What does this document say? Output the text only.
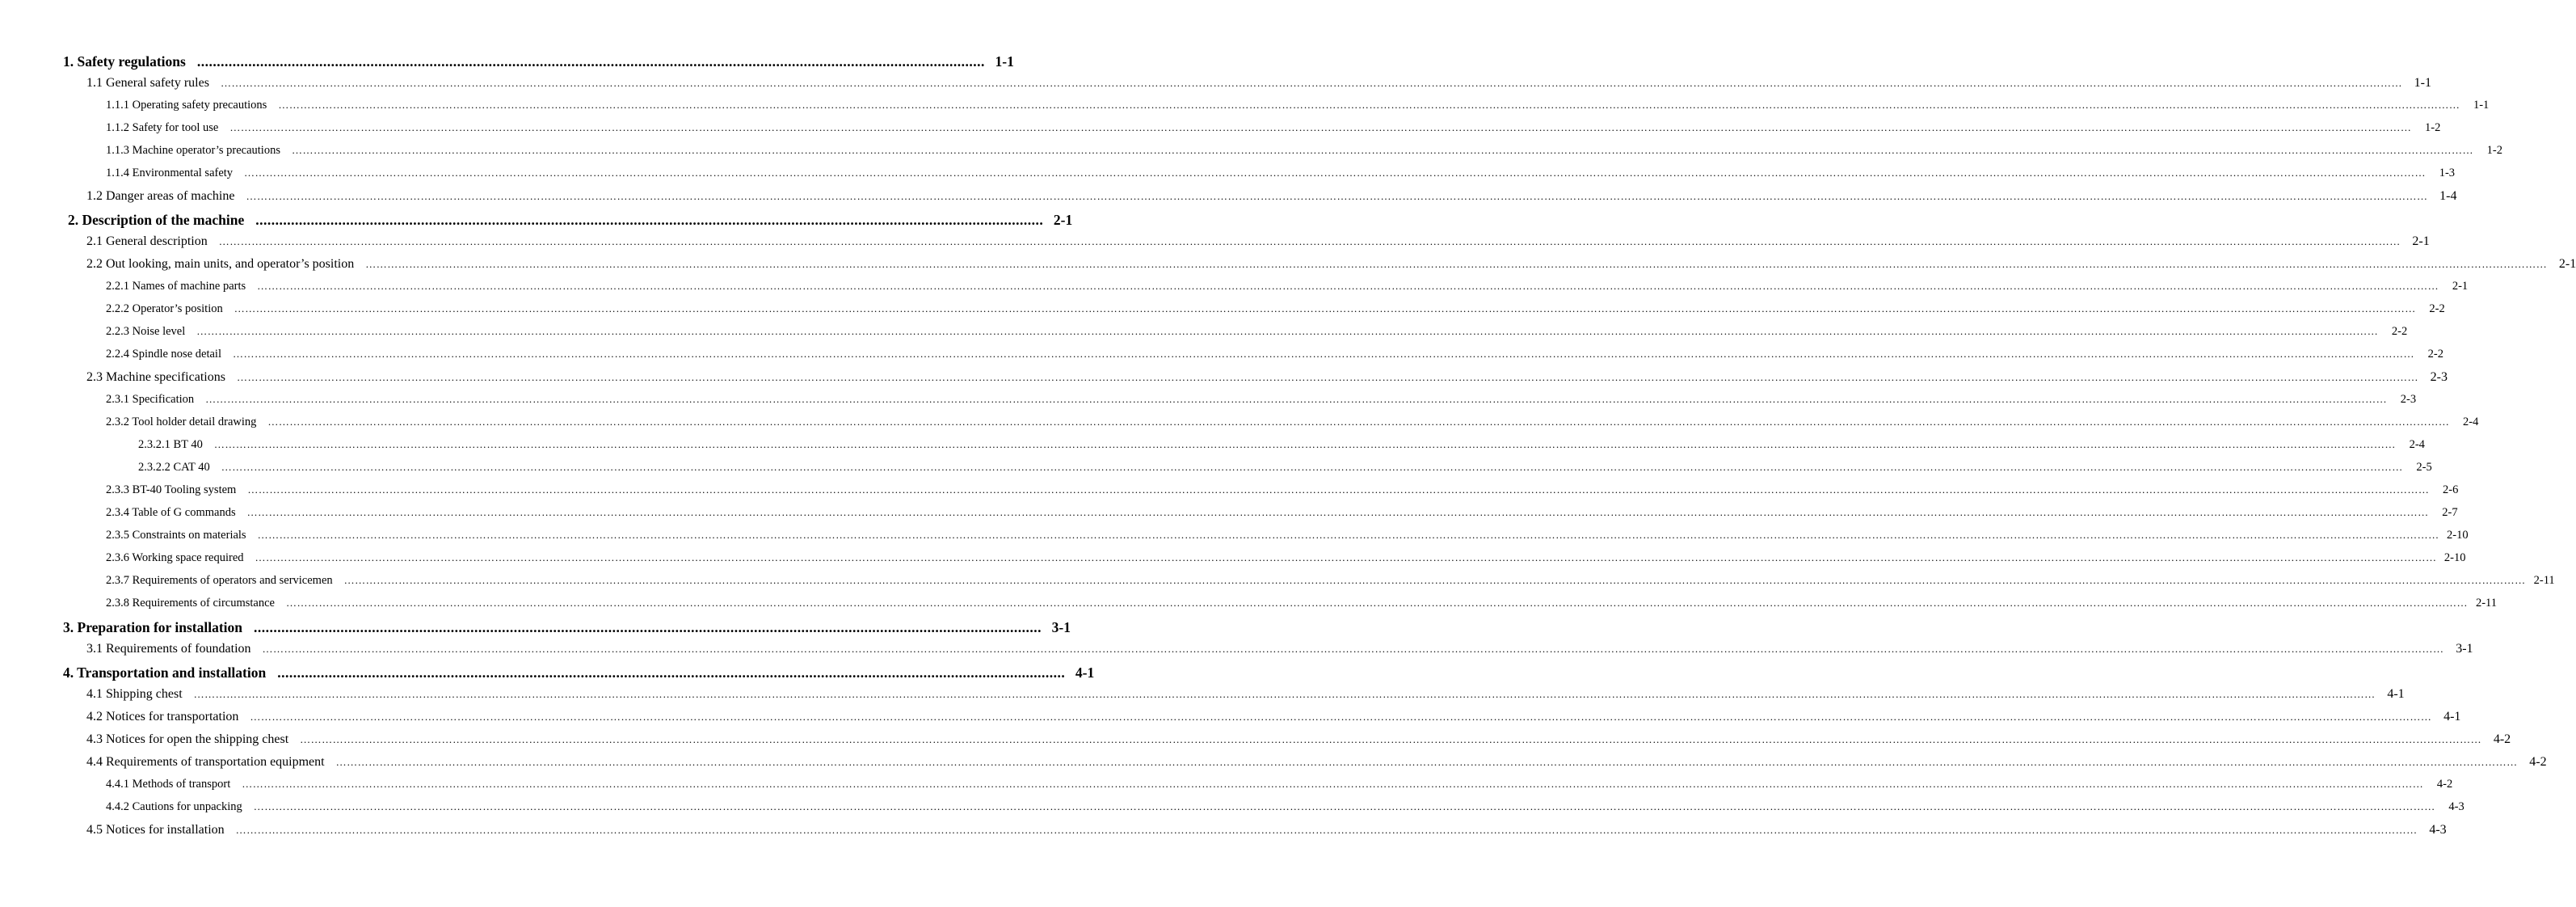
1. Safety regulations ........................................................................................................................................................................................................ 1-1
1.1 General safety rules …………………………………………………………………………………………………………………………………………………………………………………………………………………………………………………………………………………………………………………………………………………………………………………………………………………………………………………………………………………………………………………………………………………… 1-1
1.1.1 Operating safety precautions ……………………………………………………………………………………………………………………………………………………………………………………………………………………………………………………………………………………………………………………………………………………………………………………………………………………………………………………………………………………………………………………………………………………	1-1
1.1.2 Safety for tool use ……………………………………………………………………………………………………………………………………………………………………………………………………………………………………………………………………………………………………………………………………………………………………………………………………………………………………………………………………………………………………………………………………………………	1-2
1.1.3 Machine operator’s precautions ……………………………………………………………………………………………………………………………………………………………………………………………………………………………………………………………………………………………………………………………………………………………………………………………………………………………………………………………………………………………………………………………………………………	1-2
1.1.4 Environmental safety ……………………………………………………………………………………………………………………………………………………………………………………………………………………………………………………………………………………………………………………………………………………………………………………………………………………………………………………………………………………………………………………………………………………	1-3
1.2 Danger areas of machine …………………………………………………………………………………………………………………………………………………………………………………………………………………………………………………………………………………………………………………………………………………………………………………………………………………………………………………………………………………………………………………………………………………… 1-4
2. Description of the machine ........................................................................................................................................................................................................ 2-1
2.1 General description …………………………………………………………………………………………………………………………………………………………………………………………………………………………………………………………………………………………………………………………………………………………………………………………………………………………………………………………………………………………………………………………………………………… 2-1
2.2 Out looking, main units, and operator’s position …………………………………………………………………………………………………………………………………………………………………………………………………………………………………………………………………………………………………………………………………………………………………………………………………………………………………………………………………………………………………………………………………………………… 2-1
2.2.1 Names of machine parts ……………………………………………………………………………………………………………………………………………………………………………………………………………………………………………………………………………………………………………………………………………………………………………………………………………………………………………………………………………………………………………………………………………………	2-1
2.2.2 Operator’s position ……………………………………………………………………………………………………………………………………………………………………………………………………………………………………………………………………………………………………………………………………………………………………………………………………………………………………………………………………………………………………………………………………………………	2-2
2.2.3 Noise level ……………………………………………………………………………………………………………………………………………………………………………………………………………………………………………………………………………………………………………………………………………………………………………………………………………………………………………………………………………………………………………………………………………………	2-2
2.2.4 Spindle nose detail ……………………………………………………………………………………………………………………………………………………………………………………………………………………………………………………………………………………………………………………………………………………………………………………………………………………………………………………………………………………………………………………………………………………	2-2
2.3 Machine specifications …………………………………………………………………………………………………………………………………………………………………………………………………………………………………………………………………………………………………………………………………………………………………………………………………………………………………………………………………………………………………………………………………………………… 2-3
2.3.1 Specification ……………………………………………………………………………………………………………………………………………………………………………………………………………………………………………………………………………………………………………………………………………………………………………………………………………………………………………………………………………………………………………………………………………………	2-3
2.3.2 Tool holder detail drawing ……………………………………………………………………………………………………………………………………………………………………………………………………………………………………………………………………………………………………………………………………………………………………………………………………………………………………………………………………………………………………………………………………………………	2-4
2.3.2.1 BT 40 ……………………………………………………………………………………………………………………………………………………………………………………………………………………………………………………………………………………………………………………………………………………………………………………………………………………………………………………………………………………………………………………………………………………	2-4
2.3.2.2 CAT 40 ……………………………………………………………………………………………………………………………………………………………………………………………………………………………………………………………………………………………………………………………………………………………………………………………………………………………………………………………………………………………………………………………………………………	2-5
2.3.3 BT-40 Tooling system ……………………………………………………………………………………………………………………………………………………………………………………………………………………………………………………………………………………………………………………………………………………………………………………………………………………………………………………………………………………………………………………………………………………	2-6
2.3.4 Table of G commands ……………………………………………………………………………………………………………………………………………………………………………………………………………………………………………………………………………………………………………………………………………………………………………………………………………………………………………………………………………………………………………………………………………………	2-7
2.3.5 Constraints on materials …………………………………………………………………………………………………………………………………………………………………………………………………………………………………………………………………………………………………………………………………………………………………………………………………………………………………………………………………………………………………………………………………………………… 2-10
2.3.6 Working space required …………………………………………………………………………………………………………………………………………………………………………………………………………………………………………………………………………………………………………………………………………………………………………………………………………………………………………………………………………………………………………………………………………………… 2-10
2.3.7 Requirements of operators and servicemen …………………………………………………………………………………………………………………………………………………………………………………………………………………………………………………………………………………………………………………………………………………………………………………………………………………………………………………………………………………………………………………………………………………… 2-11
2.3.8 Requirements of circumstance …………………………………………………………………………………………………………………………………………………………………………………………………………………………………………………………………………………………………………………………………………………………………………………………………………………………………………………………………………………………………………………………………………………… 2-11
3. Preparation for installation ........................................................................................................................................................................................................ 3-1
3.1 Requirements of foundation …………………………………………………………………………………………………………………………………………………………………………………………………………………………………………………………………………………………………………………………………………………………………………………………………………………………………………………………………………………………………………………………………………………… 3-1
4. Transportation and installation ........................................................................................................................................................................................................ 4-1
4.1 Shipping chest …………………………………………………………………………………………………………………………………………………………………………………………………………………………………………………………………………………………………………………………………………………………………………………………………………………………………………………………………………………………………………………………………………………… 4-1
4.2 Notices for transportation …………………………………………………………………………………………………………………………………………………………………………………………………………………………………………………………………………………………………………………………………………………………………………………………………………………………………………………………………………………………………………………………………………………… 4-1
4.3 Notices for open the shipping chest …………………………………………………………………………………………………………………………………………………………………………………………………………………………………………………………………………………………………………………………………………………………………………………………………………………………………………………………………………………………………………………………………………………… 4-2
4.4 Requirements of transportation equipment …………………………………………………………………………………………………………………………………………………………………………………………………………………………………………………………………………………………………………………………………………………………………………………………………………………………………………………………………………………………………………………………………………………… 4-2
4.4.1 Methods of transport ……………………………………………………………………………………………………………………………………………………………………………………………………………………………………………………………………………………………………………………………………………………………………………………………………………………………………………………………………………………………………………………………………………………	4-2
4.4.2 Cautions for unpacking ……………………………………………………………………………………………………………………………………………………………………………………………………………………………………………………………………………………………………………………………………………………………………………………………………………………………………………………………………………………………………………………………………………………	4-3
4.5 Notices for installation …………………………………………………………………………………………………………………………………………………………………………………………………………………………………………………………………………………………………………………………………………………………………………………………………………………………………………………………………………………………………………………………………………………… 4-3
